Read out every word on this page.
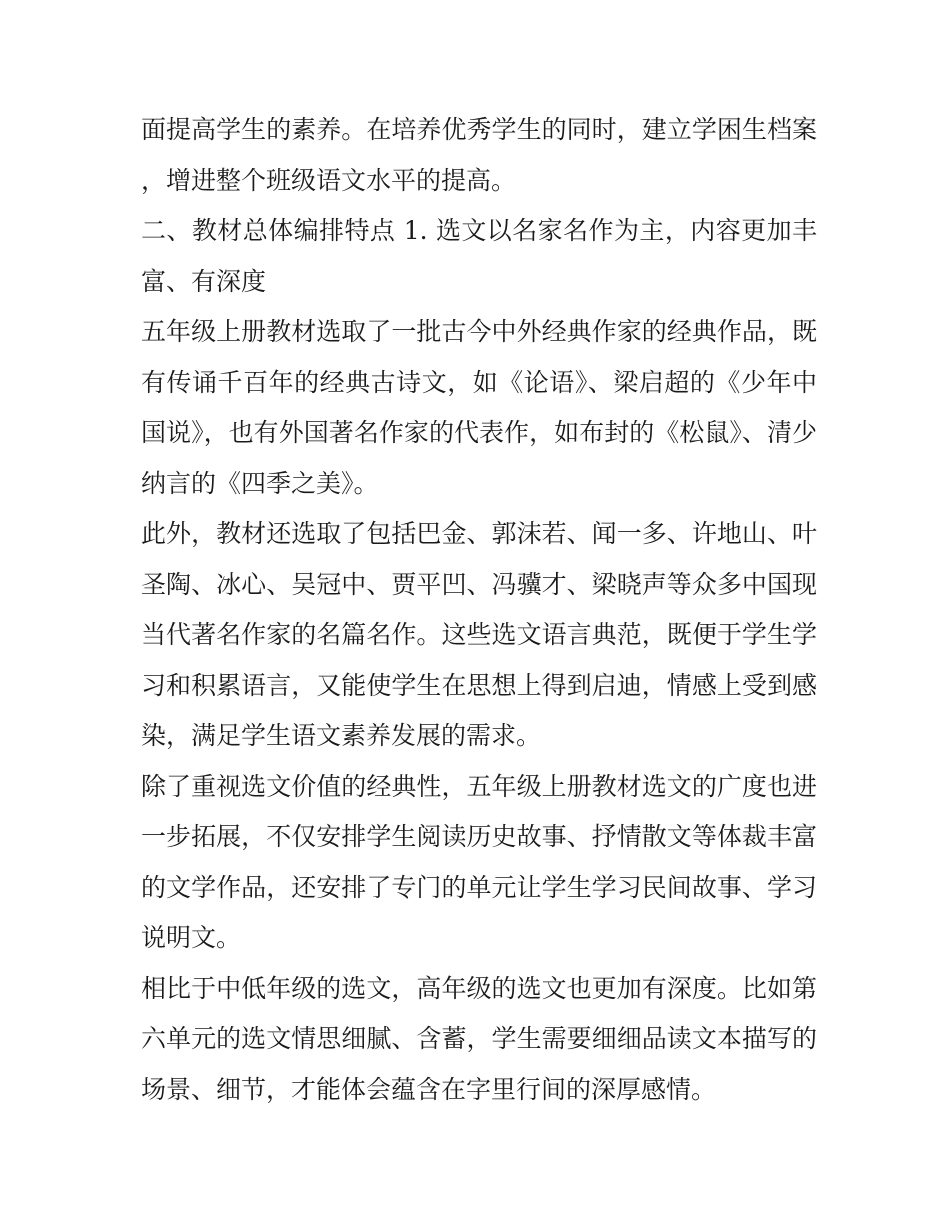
面提高学生的素养。在培养优秀学生的同时，建立学困生档案，增进整个班级语文水平的提高。

二、教材总体编排特点 1. 选文以名家名作为主，内容更加丰富、有深度

五年级上册教材选取了一批古今中外经典作家的经典作品，既有传诵千百年的经典古诗文，如《论语》、梁启超的《少年中国说》，也有外国著名作家的代表作，如布封的《松鼠》、清少纳言的《四季之美》。

此外，教材还选取了包括巴金、郭沫若、闻一多、许地山、叶圣陶、冰心、吴冠中、贾平凹、冯骥才、梁晓声等众多中国现当代著名作家的名篇名作。这些选文语言典范，既便于学生学习和积累语言，又能使学生在思想上得到启迪，情感上受到感染，满足学生语文素养发展的需求。

除了重视选文价值的经典性，五年级上册教材选文的广度也进一步拓展，不仅安排学生阅读历史故事、抒情散文等体裁丰富的文学作品，还安排了专门的单元让学生学习民间故事、学习说明文。

相比于中低年级的选文，高年级的选文也更加有深度。比如第六单元的选文情思细腻、含蓄，学生需要细细品读文本描写的场景、细节，才能体会蕴含在字里行间的深厚感情。
